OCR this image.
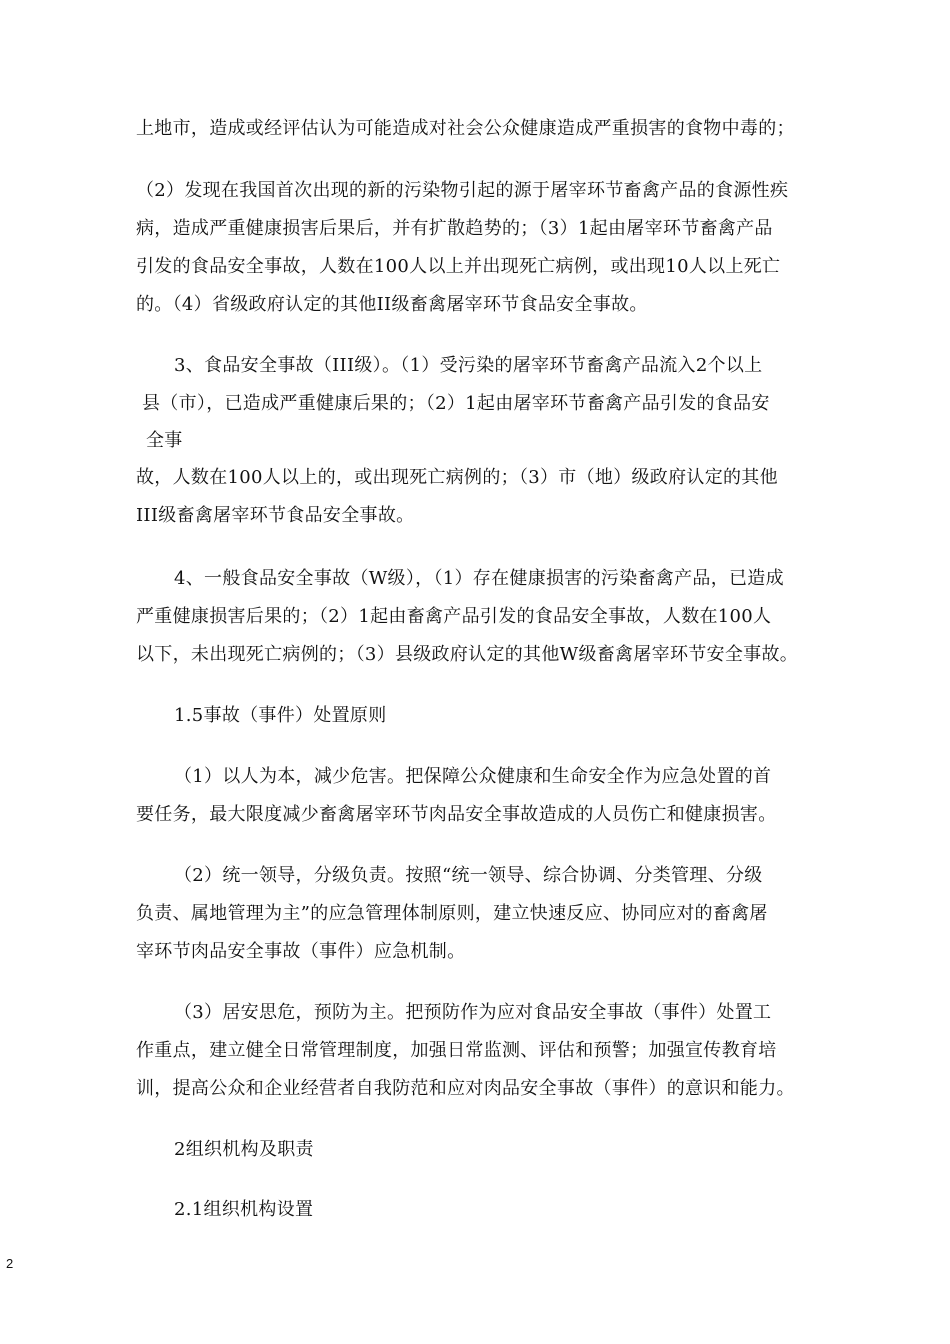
上地市，造成或经评估认为可能造成对社会公众健康造成严重损害的食物中毒的；
（2）发现在我国首次出现的新的污染物引起的源于屠宰环节畜禽产品的食源性疾
病，造成严重健康损害后果后，并有扩散趋势的；（3）1起由屠宰环节畜禽产品
引发的食品安全事故，人数在100人以上并出现死亡病例，或出现10人以上死亡
的。（4）省级政府认定的其他II级畜禽屠宰环节食品安全事故。
3、食品安全事故（III级）。（1）受污染的屠宰环节畜禽产品流入2个以上
县（市），已造成严重健康后果的；（2）1起由屠宰环节畜禽产品引发的食品安
全事
故，人数在100人以上的，或出现死亡病例的；（3）市（地）级政府认定的其他
III级畜禽屠宰环节食品安全事故。
4、一般食品安全事故（W级），（1）存在健康损害的污染畜禽产品，已造成
严重健康损害后果的；（2）1起由畜禽产品引发的食品安全事故，人数在100人
以下，未出现死亡病例的；（3）县级政府认定的其他W级畜禽屠宰环节安全事故。
1.5事故（事件）处置原则
（1）以人为本，减少危害。把保障公众健康和生命安全作为应急处置的首
要任务，最大限度减少畜禽屠宰环节肉品安全事故造成的人员伤亡和健康损害。
（2）统一领导，分级负责。按照“统一领导、综合协调、分类管理、分级
负责、属地管理为主”的应急管理体制原则，建立快速反应、协同应对的畜禽屠
宰环节肉品安全事故（事件）应急机制。
（3）居安思危，预防为主。把预防作为应对食品安全事故（事件）处置工
作重点，建立健全日常管理制度，加强日常监测、评估和预警；加强宣传教育培
训，提高公众和企业经营者自我防范和应对肉品安全事故（事件）的意识和能力。
2组织机构及职责
2.1组织机构设置
2
